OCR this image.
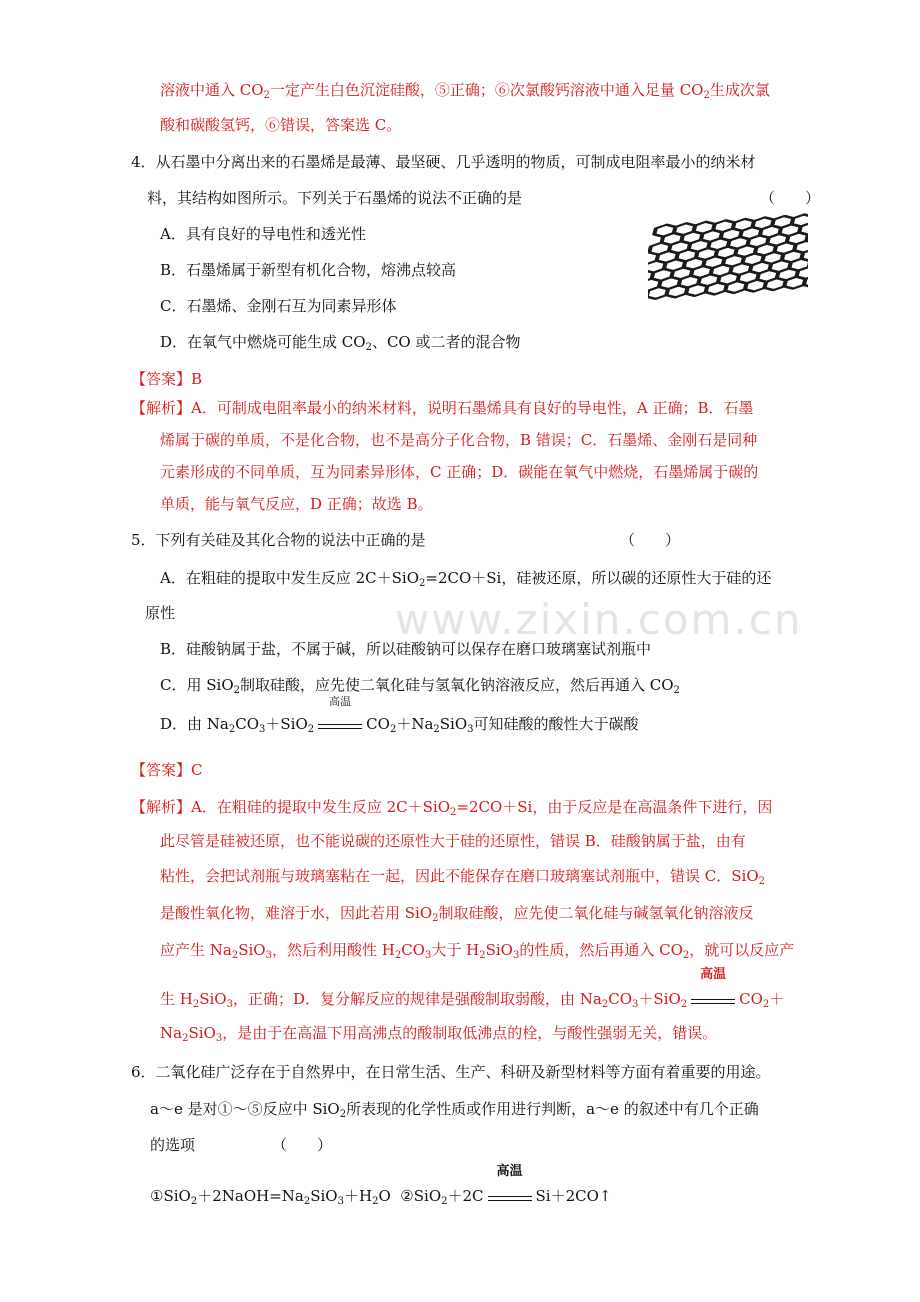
溶液中通入 $CO_2$一定产生白色沉淀硅酸，⑤正确；⑥次氯酸钙溶液中通入足量 $CO_2$生成次氯
酸和碳酸氢钙，⑥错误，答案选 C。
4．从石墨中分离出来的石墨烯是最薄、最坚硬、几乎透明的物质，可制成电阻率最小的纳米材
料，其结构如图所示。下列关于石墨烯的说法不正确的是	（　　）
A．具有良好的导电性和透光性
B．石墨烯属于新型有机化合物，熔沸点较高
C．石墨烯、金刚石互为同素异形体
D．在氧气中燃烧可能生成 $CO_2$、CO 或二者的混合物
【答案】B
【解析】A．可制成电阻率最小的纳米材料，说明石墨烯具有良好的导电性，A 正确；B．石墨
烯属于碳的单质，不是化合物，也不是高分子化合物，B 错误；C．石墨烯、金刚石是同种
元素形成的不同单质，互为同素异形体，C 正确；D．碳能在氧气中燃烧，石墨烯属于碳的
单质，能与氧气反应，D 正确；故选 B。
5．下列有关硅及其化合物的说法中正确的是	（　　）
A．在粗硅的提取中发生反应 2C＋SiO$_2$=2CO＋Si，硅被还原，所以碳的还原性大于硅的还
原性
B．硅酸钠属于盐，不属于碱，所以硅酸钠可以保存在磨口玻璃塞试剂瓶中
C．用 SiO$_2$制取硅酸，应先使二氧化硅与氢氧化钠溶液反应，然后再通入 $CO_2$
D．由 $Na_2CO_3+SiO_2$
高温
$CO_2+Na_2SiO_3$可知硅酸的酸性大于碳酸
www.zixin.com.cn
【答案】C
【解析】A．在粗硅的提取中发生反应 2C＋SiO$_2$=2CO＋Si，由于反应是在高温条件下进行，因
此尽管是硅被还原，也不能说碳的还原性大于硅的还原性，错误 B．硅酸钠属于盐，由有
粘性，会把试剂瓶与玻璃塞粘在一起，因此不能保存在磨口玻璃塞试剂瓶中，错误 C．SiO$_2$
是酸性氧化物，难溶于水，因此若用 SiO$_2$制取硅酸，应先使二氧化硅与碱氢氧化钠溶液反
应产生 $Na_2SiO_3$，然后利用酸性 $H_2CO_3$大于 $H_2SiO_3$的性质，然后再通入 $CO_2$，就可以反应产
生 $H_2SiO_3$，正确；D．复分解反应的规律是强酸制取弱酸，由 $Na_2CO_3+SiO_2$
高温
$CO_2+$
$Na_2SiO_3$，是由于在高温下用高沸点的酸制取低沸点的栓，与酸性强弱无关，错误。
6．二氧化硅广泛存在于自然界中，在日常生活、生产、科研及新型材料等方面有着重要的用途。
a～e 是对①～⑤反应中 SiO$_2$所表现的化学性质或作用进行判断，a～e 的叙述中有几个正确
的选项	（　　）
$①SiO_2+2NaOH=Na_2SiO_3+H_2O$ ②SiO$_2$＋2C
高温
Si＋2CO↑
